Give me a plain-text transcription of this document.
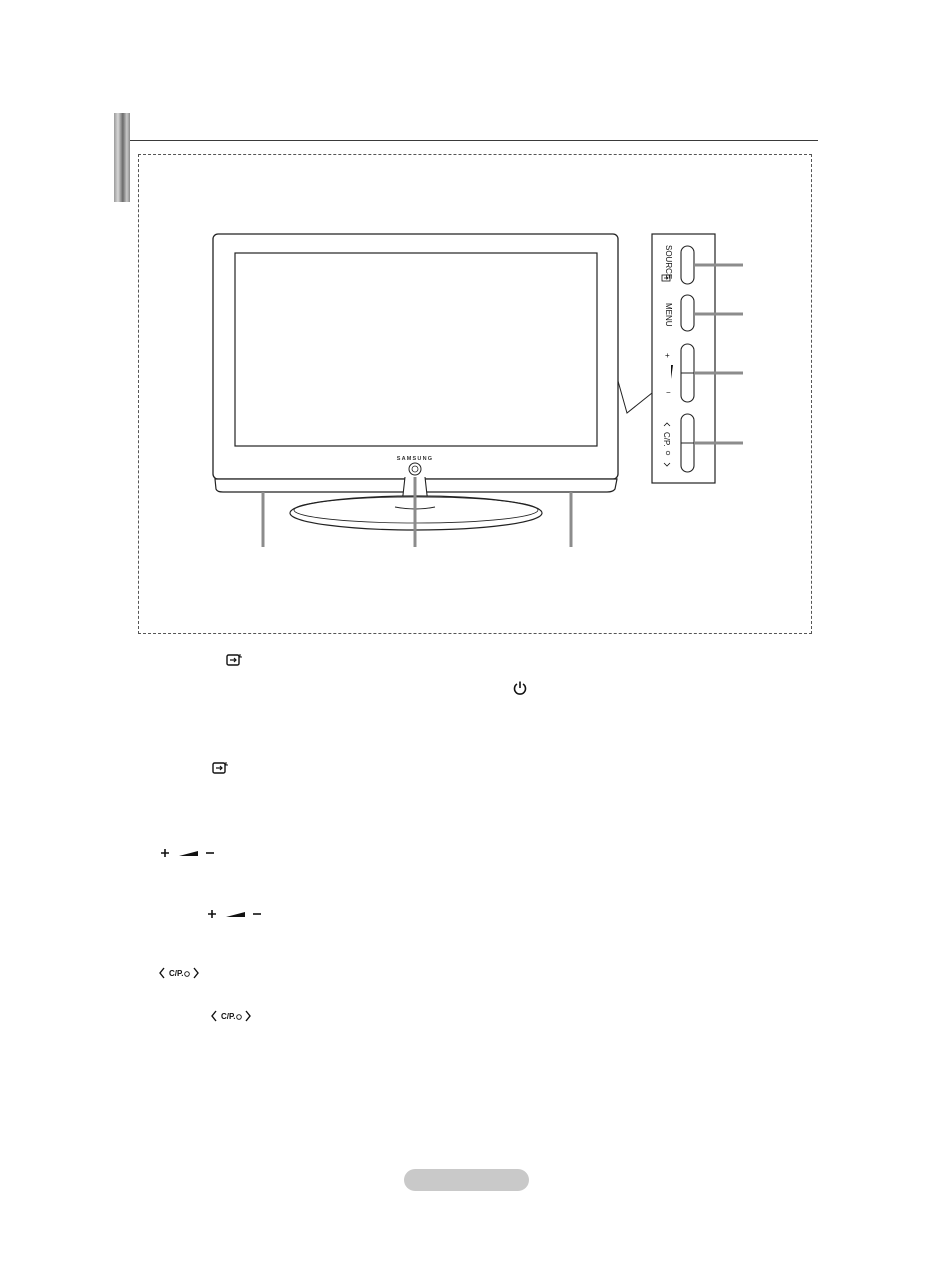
SAMSUNG
SOURCE
MENU
+
−
C/P.
C/P.
C/P.
